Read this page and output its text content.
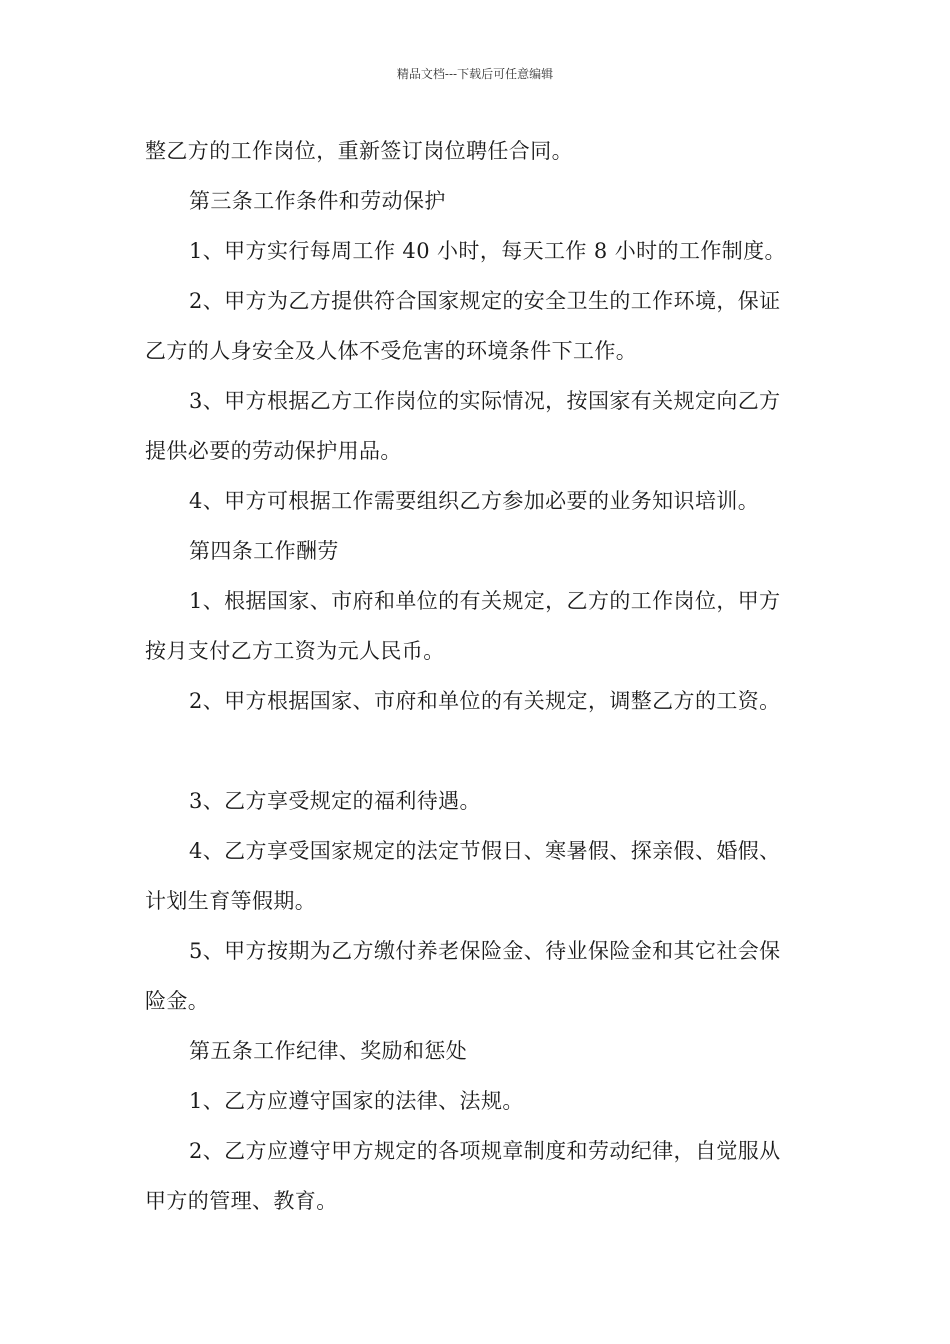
精品文档---下载后可任意编辑
整乙方的工作岗位，重新签订岗位聘任合同。
第三条工作条件和劳动保护
1、甲方实行每周工作 40 小时，每天工作 8 小时的工作制度。
2、甲方为乙方提供符合国家规定的安全卫生的工作环境，保证
乙方的人身安全及人体不受危害的环境条件下工作。
3、甲方根据乙方工作岗位的实际情况，按国家有关规定向乙方
提供必要的劳动保护用品。
4、甲方可根据工作需要组织乙方参加必要的业务知识培训。
第四条工作酬劳
1、根据国家、市府和单位的有关规定，乙方的工作岗位，甲方
按月支付乙方工资为元人民币。
2、甲方根据国家、市府和单位的有关规定，调整乙方的工资。
3、乙方享受规定的福利待遇。
4、乙方享受国家规定的法定节假日、寒暑假、探亲假、婚假、
计划生育等假期。
5、甲方按期为乙方缴付养老保险金、待业保险金和其它社会保
险金。
第五条工作纪律、奖励和惩处
1、乙方应遵守国家的法律、法规。
2、乙方应遵守甲方规定的各项规章制度和劳动纪律，自觉服从
甲方的管理、教育。
